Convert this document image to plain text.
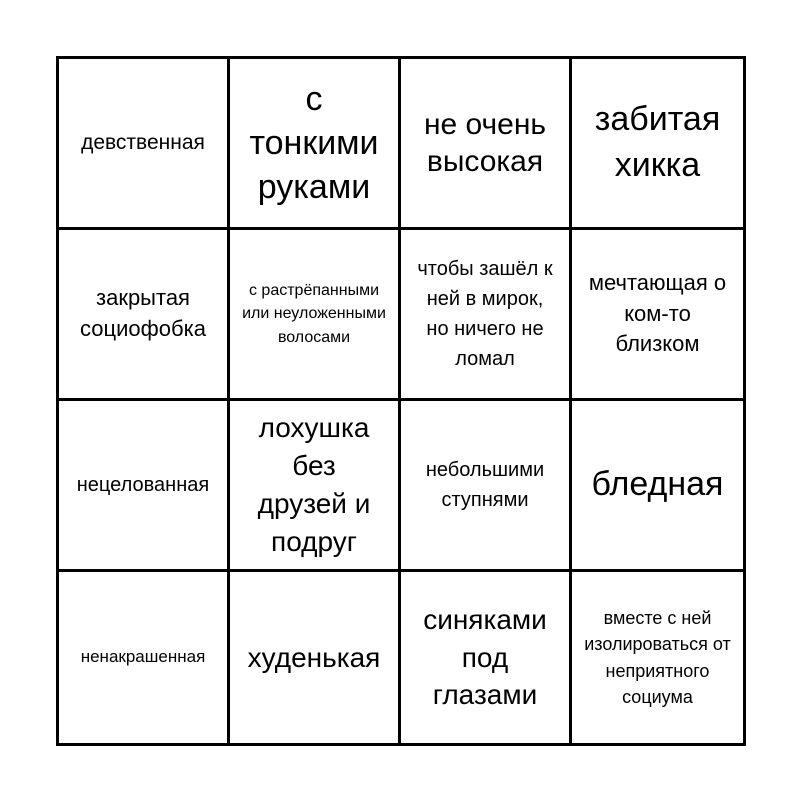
девственная
с тонкими руками
не очень высокая
забитая хикка
закрытая социофобка
с растрёпанными или неуложенными волосами
чтобы зашёл к ней в мирок, но ничего не ломал
мечтающая о ком-то близком
нецелованная
лохушка без друзей и подруг
небольшими ступнями	бледная
ненакрашенная	худенькая
синяками под глазами
вместе с ней изолироваться от неприятного социума
